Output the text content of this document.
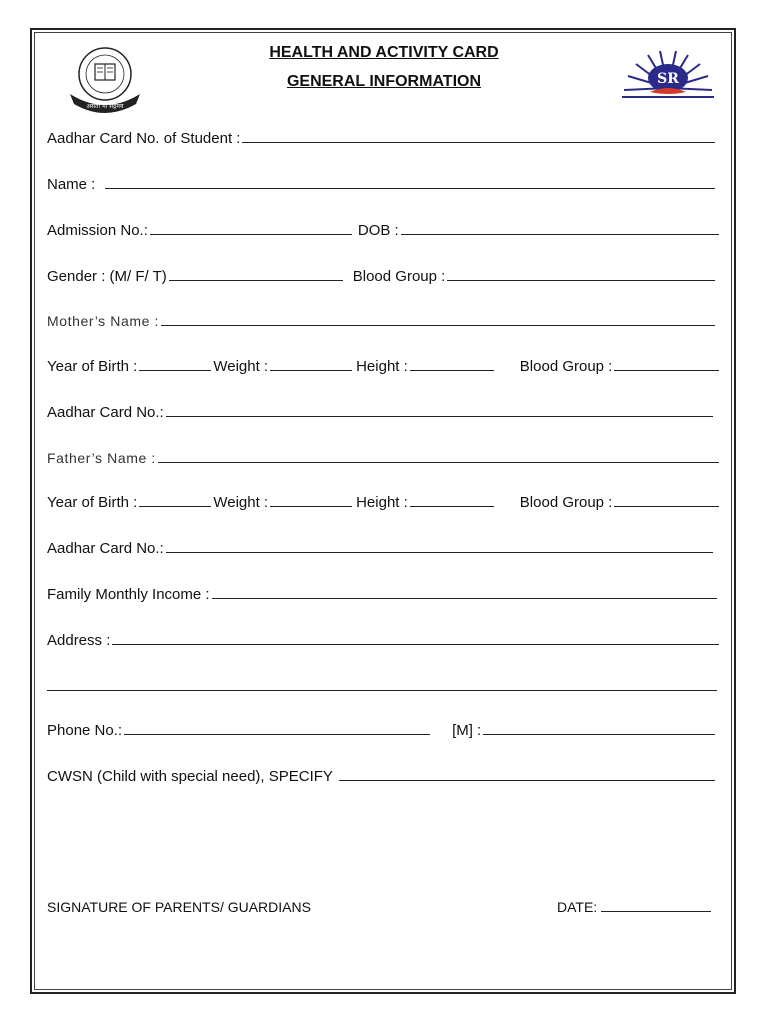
असतो मा सद्गमय
SR
HEALTH AND ACTIVITY CARD
GENERAL INFORMATION
Aadhar Card No. of Student :
Name :
Admission No.:	DOB :
Gender : (M/ F/ T)	Blood Group :
Mother’s Name :
Year of Birth :	Weight :	Height :	Blood Group :
Aadhar Card No.:
Father’s Name :
Year of Birth :	Weight :	Height :	Blood Group :
Aadhar Card No.:
Family Monthly Income :
Address :
Phone No.:	[M] :
CWSN (Child with special need), SPECIFY
SIGNATURE OF PARENTS/ GUARDIANS	DATE:
